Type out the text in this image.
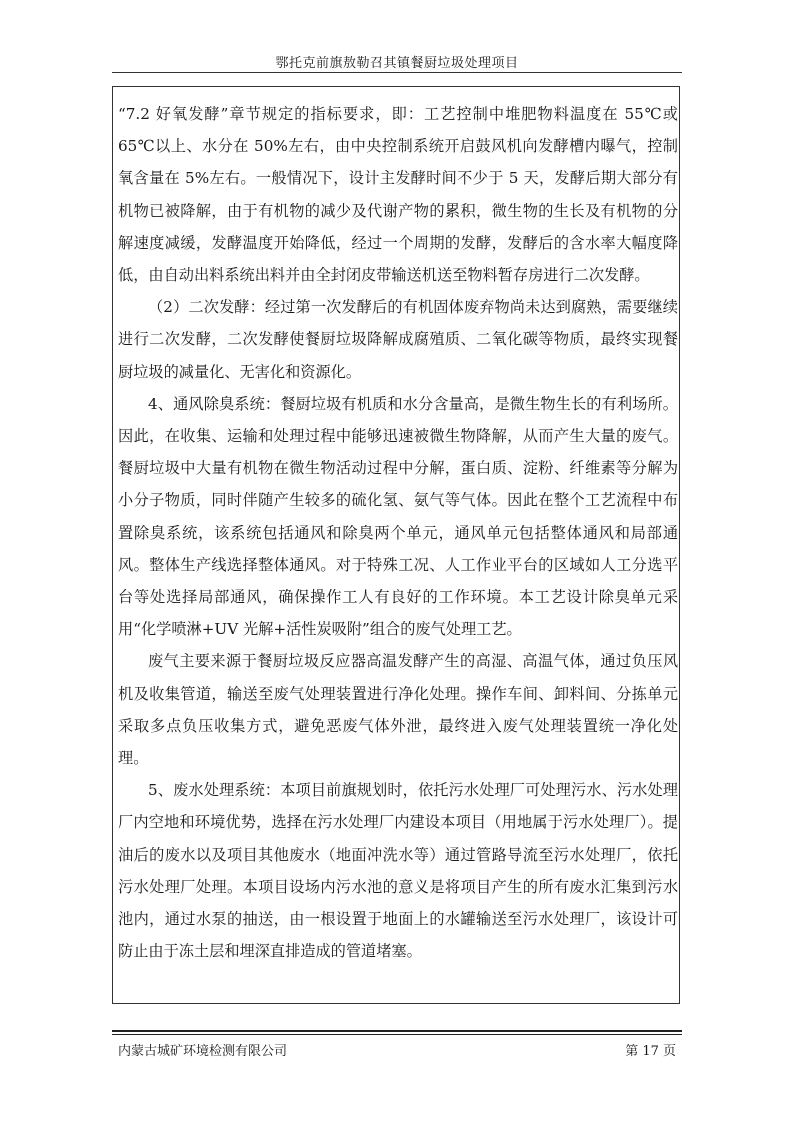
鄂托克前旗敖勒召其镇餐厨垃圾处理项目

“7.2 好氧发酵”章节规定的指标要求，即：工艺控制中堆肥物料温度在 55℃或 65℃以上、水分在 50%左右，由中央控制系统开启鼓风机向发酵槽内曝气，控制氧含量在 5%左右。一般情况下，设计主发酵时间不少于 5 天，发酵后期大部分有机物已被降解，由于有机物的减少及代谢产物的累积，微生物的生长及有机物的分解速度减缓，发酵温度开始降低，经过一个周期的发酵，发酵后的含水率大幅度降低，由自动出料系统出料并由全封闭皮带输送机送至物料暂存房进行二次发酵。

（2）二次发酵：经过第一次发酵后的有机固体废弃物尚未达到腐熟，需要继续进行二次发酵，二次发酵使餐厨垃圾降解成腐殖质、二氧化碳等物质，最终实现餐厨垃圾的减量化、无害化和资源化。

4、通风除臭系统：餐厨垃圾有机质和水分含量高，是微生物生长的有利场所。因此，在收集、运输和处理过程中能够迅速被微生物降解，从而产生大量的废气。餐厨垃圾中大量有机物在微生物活动过程中分解，蛋白质、淀粉、纤维素等分解为小分子物质，同时伴随产生较多的硫化氢、氨气等气体。因此在整个工艺流程中布置除臭系统，该系统包括通风和除臭两个单元，通风单元包括整体通风和局部通风。整体生产线选择整体通风。对于特殊工况、人工作业平台的区域如人工分选平台等处选择局部通风，确保操作工人有良好的工作环境。本工艺设计除臭单元采用“化学喷淋+UV 光解+活性炭吸附”组合的废气处理工艺。

废气主要来源于餐厨垃圾反应器高温发酵产生的高湿、高温气体，通过负压风机及收集管道，输送至废气处理装置进行净化处理。操作车间、卸料间、分拣单元采取多点负压收集方式，避免恶废气体外泄，最终进入废气处理装置统一净化处理。

5、废水处理系统：本项目前旗规划时，依托污水处理厂可处理污水、污水处理厂内空地和环境优势，选择在污水处理厂内建设本项目（用地属于污水处理厂）。提油后的废水以及项目其他废水（地面冲洗水等）通过管路导流至污水处理厂，依托污水处理厂处理。本项目设场内污水池的意义是将项目产生的所有废水汇集到污水池内，通过水泵的抽送，由一根设置于地面上的水罐输送至污水处理厂，该设计可防止由于冻土层和埋深直排造成的管道堵塞。

内蒙古城矿环境检测有限公司	第 17 页
